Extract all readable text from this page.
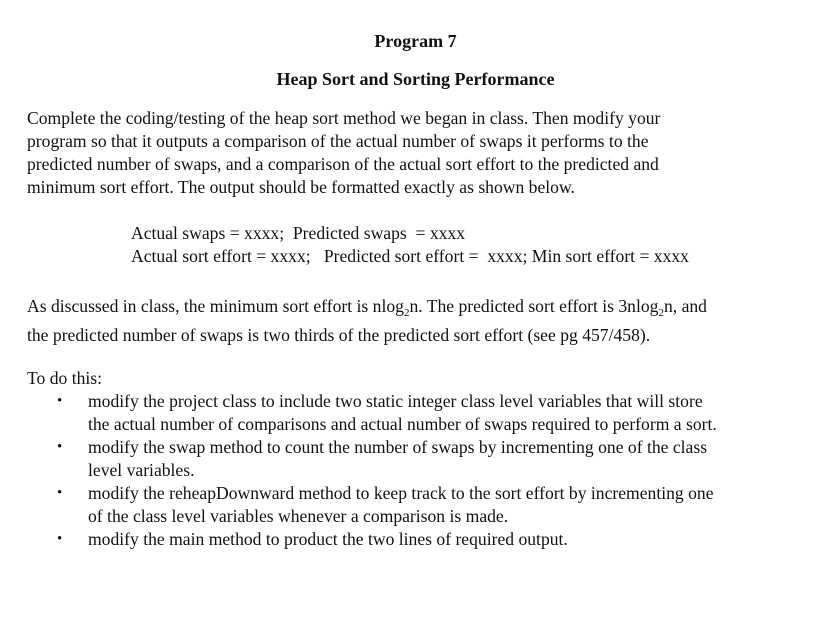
Program 7
Heap Sort and Sorting Performance

Complete the coding/testing of the heap sort method we began in class. Then modify your
program so that it outputs a comparison of the actual number of swaps it performs to the
predicted number of swaps, and a comparison of the actual sort effort to the predicted and
minimum sort effort. The output should be formatted exactly as shown below.

Actual swaps = xxxx;  Predicted swaps  = xxxx
Actual sort effort = xxxx;   Predicted sort effort =  xxxx; Min sort effort = xxxx

As discussed in class, the minimum sort effort is nlog$_2$n. The predicted sort effort is 3nlog$_2$n, and
the predicted number of swaps is two thirds of the predicted sort effort (see pg 457/458).

To do this:

• modify the project class to include two static integer class level variables that will store
the actual number of comparisons and actual number of swaps required to perform a sort.
• modify the swap method to count the number of swaps by incrementing one of the class
level variables.
• modify the reheapDownward method to keep track to the sort effort by incrementing one
of the class level variables whenever a comparison is made.
• modify the main method to product the two lines of required output.
